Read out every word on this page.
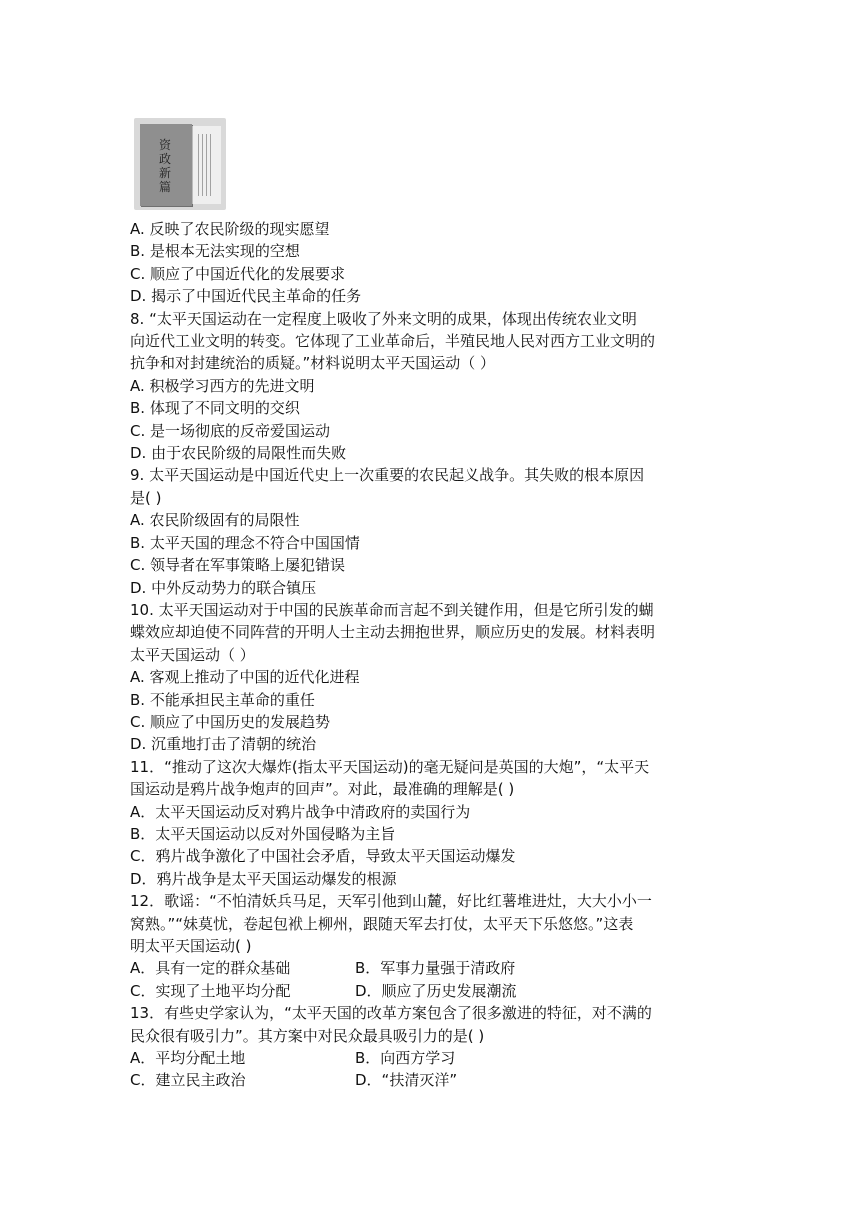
资
政
新
篇
A. 反映了农民阶级的现实愿望
B. 是根本无法实现的空想
C. 顺应了中国近代化的发展要求
D. 揭示了中国近代民主革命的任务
8. “太平天国运动在一定程度上吸收了外来文明的成果，体现出传统农业文明
向近代工业文明的转变。它体现了工业革命后，半殖民地人民对西方工业文明的
抗争和对封建统治的质疑。”材料说明太平天国运动（ ）
A. 积极学习西方的先进文明
B. 体现了不同文明的交织
C. 是一场彻底的反帝爱国运动
D. 由于农民阶级的局限性而失败
9. 太平天国运动是中国近代史上一次重要的农民起义战争。其失败的根本原因
是( )
A. 农民阶级固有的局限性
B. 太平天国的理念不符合中国国情
C. 领导者在军事策略上屡犯错误
D. 中外反动势力的联合镇压
10. 太平天国运动对于中国的民族革命而言起不到关键作用，但是它所引发的蝴
蝶效应却迫使不同阵营的开明人士主动去拥抱世界，顺应历史的发展。材料表明
太平天国运动（ ）
A. 客观上推动了中国的近代化进程
B. 不能承担民主革命的重任
C. 顺应了中国历史的发展趋势
D. 沉重地打击了清朝的统治
11．“推动了这次大爆炸(指太平天国运动)的毫无疑问是英国的大炮”，“太平天
国运动是鸦片战争炮声的回声”。对此，最准确的理解是( )
A．太平天国运动反对鸦片战争中清政府的卖国行为
B．太平天国运动以反对外国侵略为主旨
C．鸦片战争激化了中国社会矛盾，导致太平天国运动爆发
D．鸦片战争是太平天国运动爆发的根源
12．歌谣：“不怕清妖兵马足，天军引他到山麓，好比红薯堆进灶，大大小小一
窝熟。”“妹莫忧，卷起包袱上柳州，跟随天军去打仗，太平天下乐悠悠。”这表
明太平天国运动( )
A．具有一定的群众基础	B．军事力量强于清政府
C．实现了土地平均分配	D．顺应了历史发展潮流
13．有些史学家认为，“太平天国的改革方案包含了很多激进的特征，对不满的
民众很有吸引力”。其方案中对民众最具吸引力的是( )
A．平均分配土地	B．向西方学习
C．建立民主政治	D．“扶清灭洋”
